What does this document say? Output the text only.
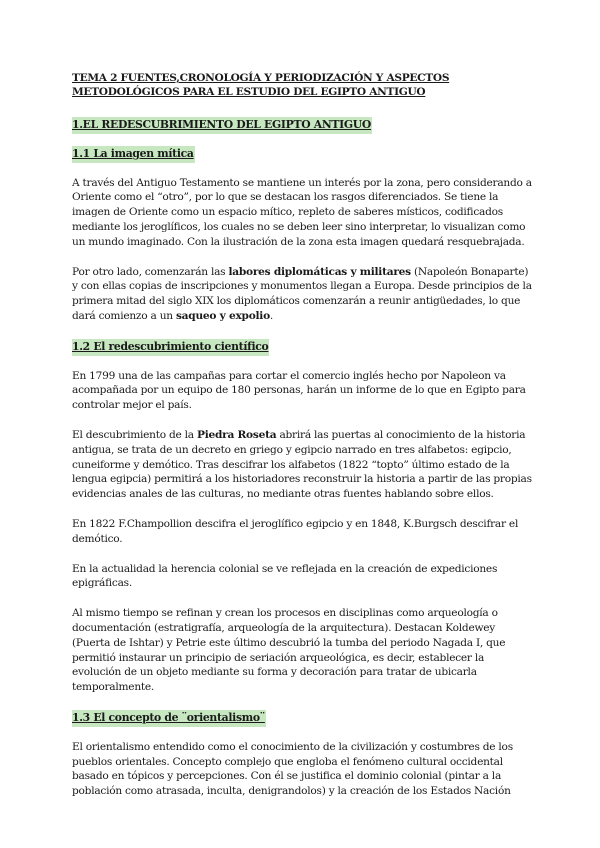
TEMA 2 FUENTES,CRONOLOGÍA Y PERIODIZACIÓN Y ASPECTOS
METODOLÓGICOS PARA EL ESTUDIO DEL EGIPTO ANTIGUO
1.EL REDESCUBRIMIENTO DEL EGIPTO ANTIGUO
1.1 La imagen mítica

A través del Antiguo Testamento se mantiene un interés por la zona, pero considerando a Oriente como el “otro”, por lo que se destacan los rasgos diferenciados. Se tiene la imagen de Oriente como un espacio mítico, repleto de saberes místicos, codificados mediante los jeroglíficos, los cuales no se deben leer sino interpretar, lo visualizan como un mundo imaginado. Con la ilustración de la zona esta imagen quedará resquebrajada.

Por otro lado, comenzarán las labores diplomáticas y militares (Napoleón Bonaparte) y con ellas copias de inscripciones y monumentos llegan a Europa. Desde principios de la primera mitad del siglo XIX los diplomáticos comenzarán a reunir antigüedades, lo que dará comienzo a un saqueo y expolio.

1.2 El redescubrimiento científico

En 1799 una de las campañas para cortar el comercio inglés hecho por Napoleon va acompañada por un equipo de 180 personas, harán un informe de lo que en Egipto para controlar mejor el país.

El descubrimiento de la Piedra Roseta abrirá las puertas al conocimiento de la historia antigua, se trata de un decreto en griego y egipcio narrado en tres alfabetos: egipcio, cuneiforme y demótico. Tras descifrar los alfabetos (1822 “topto” último estado de la lengua egipcia) permitirá a los historiadores reconstruir la historia a partir de las propias evidencias anales de las culturas, no mediante otras fuentes hablando sobre ellos.

En 1822 F.Champollion descifra el jeroglífico egipcio y en 1848, K.Burgsch descifrar el demótico.

En la actualidad la herencia colonial se ve reflejada en la creación de expediciones epigráficas.

Al mismo tiempo se refinan y crean los procesos en disciplinas como arqueología o documentación (estratigrafía, arqueología de la arquitectura). Destacan Koldewey (Puerta de Ishtar) y Petrie este último descubrió la tumba del periodo Nagada I, que permitió instaurar un principio de seriación arqueológica, es decir, establecer la evolución de un objeto mediante su forma y decoración para tratar de ubicarla temporalmente.

1.3 El concepto de ¨orientalismo¨

El orientalismo entendido como el conocimiento de la civilización y costumbres de los pueblos orientales. Concepto complejo que engloba el fenómeno cultural occidental basado en tópicos y percepciones. Con él se justifica el dominio colonial (pintar a la población como atrasada, inculta, denigrandolos) y la creación de los Estados Nación
